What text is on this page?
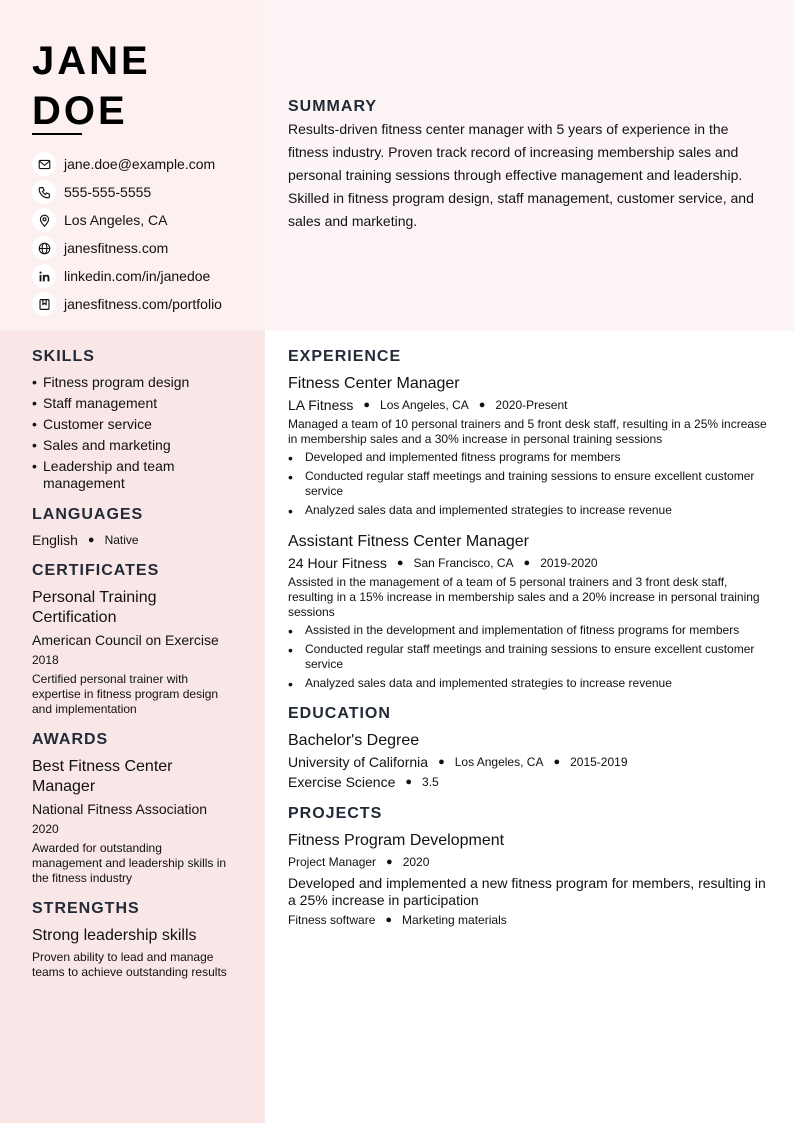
JANE
DOE
jane.doe@example.com
555-555-5555
Los Angeles, CA
janesfitness.com
linkedin.com/in/janedoe
janesfitness.com/portfolio
SUMMARY

Results-driven fitness center manager with 5 years of experience in the fitness industry. Proven track record of increasing membership sales and personal training sessions through effective management and leadership. Skilled in fitness program design, staff management, customer service, and sales and marketing.

SKILLS
• Fitness program design
• Staff management
• Customer service
• Sales and marketing
• Leadership and team management
LANGUAGES
English ● Native
CERTIFICATES
Personal Training Certification
American Council on Exercise
2018
Certified personal trainer with expertise in fitness program design and implementation
AWARDS
Best Fitness Center Manager
National Fitness Association
2020
Awarded for outstanding management and leadership skills in the fitness industry
STRENGTHS
Strong leadership skills
Proven ability to lead and manage teams to achieve outstanding results
EXPERIENCE
Fitness Center Manager
LA Fitness ● Los Angeles, CA ● 2020-Present
Managed a team of 10 personal trainers and 5 front desk staff, resulting in a 25% increase in membership sales and a 30% increase in personal training sessions
• Developed and implemented fitness programs for members
• Conducted regular staff meetings and training sessions to ensure excellent customer service
• Analyzed sales data and implemented strategies to increase revenue
Assistant Fitness Center Manager
24 Hour Fitness ● San Francisco, CA ● 2019-2020
Assisted in the management of a team of 5 personal trainers and 3 front desk staff, resulting in a 15% increase in membership sales and a 20% increase in personal training sessions
• Assisted in the development and implementation of fitness programs for members
• Conducted regular staff meetings and training sessions to ensure excellent customer service
• Analyzed sales data and implemented strategies to increase revenue
EDUCATION
Bachelor's Degree
University of California ● Los Angeles, CA ● 2015-2019
Exercise Science ● 3.5
PROJECTS
Fitness Program Development
Project Manager ● 2020
Developed and implemented a new fitness program for members, resulting in a 25% increase in participation
Fitness software ● Marketing materials
